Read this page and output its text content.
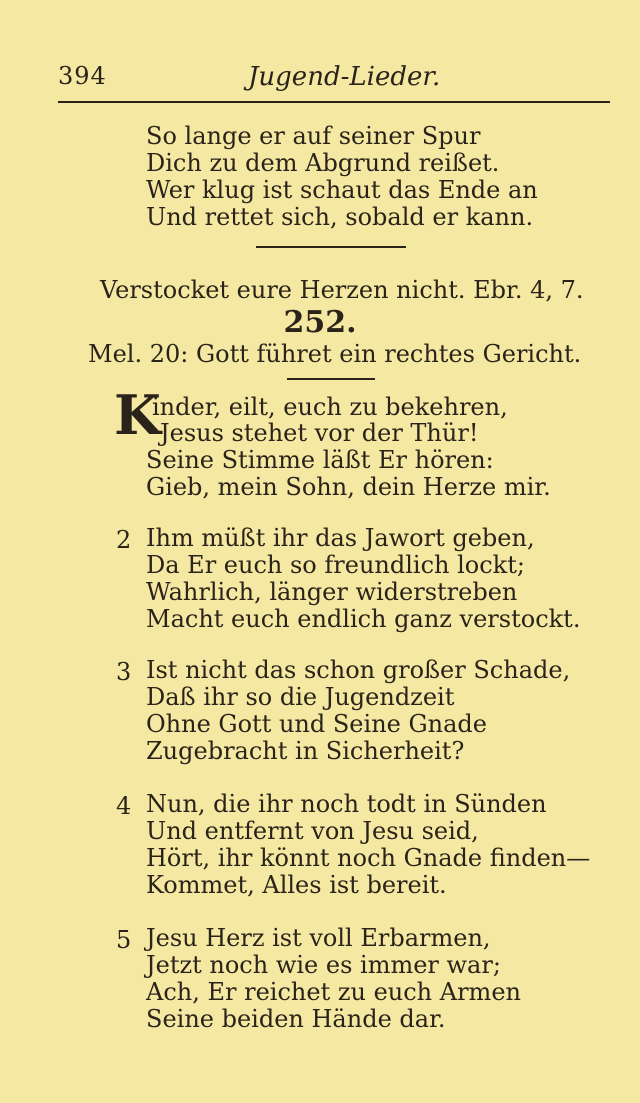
394	Jugend-Lieder.
So lange er auf seiner Spur
Dich zu dem Abgrund reißet.
Wer klug ist schaut das Ende an
Und rettet sich, sobald er kann.
Verstocket eure Herzen nicht. Ebr. 4, 7.
252.
Mel. 20: Gott führet ein rechtes Gericht.
K
inder, eilt, euch zu bekehren,
Jesus stehet vor der Thür!
Seine Stimme läßt Er hören:
Gieb, mein Sohn, dein Herze mir.
2 Ihm müßt ihr das Jawort geben,
Da Er euch so freundlich lockt;
Wahrlich, länger widerstreben
Macht euch endlich ganz verstockt.
3 Ist nicht das schon großer Schade,
Daß ihr so die Jugendzeit
Ohne Gott und Seine Gnade
Zugebracht in Sicherheit?
4 Nun, die ihr noch todt in Sünden
Und entfernt von Jesu seid,
Hört, ihr könnt noch Gnade finden—
Kommet, Alles ist bereit.
5 Jesu Herz ist voll Erbarmen,
Jetzt noch wie es immer war;
Ach, Er reichet zu euch Armen
Seine beiden Hände dar.
